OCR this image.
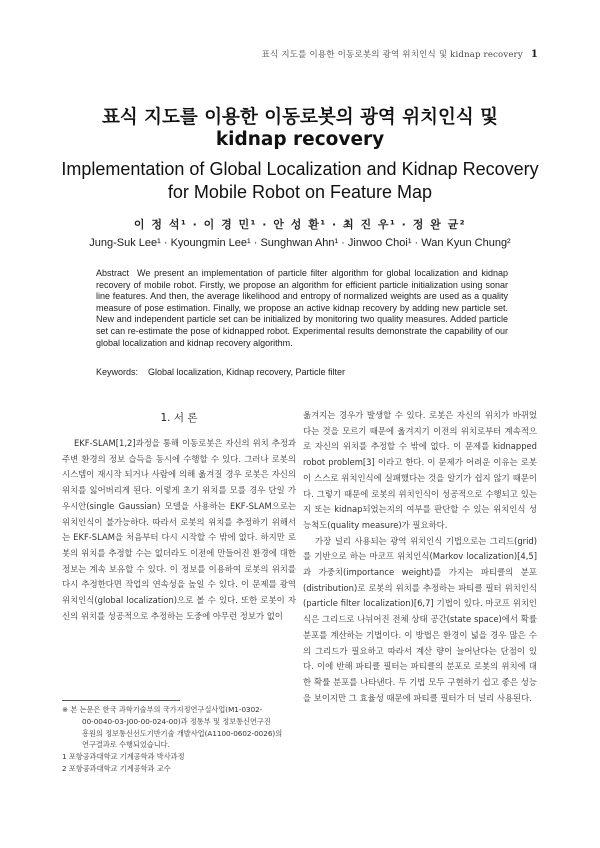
표식 지도를 이용한 이동로봇의 광역 위치인식 및 kidnap recovery 1
표식 지도를 이용한 이동로봇의 광역 위치인식 및
kidnap recovery
Implementation of Global Localization and Kidnap Recovery
for Mobile Robot on Feature Map
이 정 석¹ · 이 경 민¹ · 안 성 환¹ · 최 진 우¹ · 정 완 균²
Jung-Suk Lee¹ · Kyoungmin Lee¹ · Sunghwan Ahn¹ · Jinwoo Choi¹ · Wan Kyun Chung²
Abstract We present an implementation of particle filter algorithm for global localization and kidnap recovery of mobile robot. Firstly, we propose an algorithm for efficient particle initialization using sonar line features. And then, the average likelihood and entropy of normalized weights are used as a quality measure of pose estimation. Finally, we propose an active kidnap recovery by adding new particle set. New and independent particle set can be initialized by monitoring two quality measures. Added particle set can re-estimate the pose of kidnapped robot. Experimental results demonstrate the capability of our global localization and kidnap recovery algorithm.
Keywords: Global localization, Kidnap recovery, Particle filter
1. 서 론

EKF-SLAM[1,2]과정을 통해 이동로봇은 자신의 위치 추정과 주변 환경의 정보 습득을 동시에 수행할 수 있다. 그러나 로봇의 시스템이 재시작 되거나 사람에 의해 옮겨질 경우 로봇은 자신의 위치를 잃어버리게 된다. 이렇게 초기 위치를 모를 경우 단일 가우시안(single Gaussian) 모델을 사용하는 EKF-SLAM으로는 위치인식이 불가능하다. 따라서 로봇의 위치를 추정하기 위해서는 EKF-SLAM을 처음부터 다시 시작할 수 밖에 없다. 하지만 로봇의 위치를 추정할 수는 없더라도 이전에 만들어진 환경에 대한 정보는 계속 보유할 수 있다. 이 정보를 이용하여 로봇의 위치를 다시 추정한다면 작업의 연속성을 높일 수 있다. 이 문제를 광역 위치인식(global localization)으로 볼 수 있다. 또한 로봇이 자신의 위치를 성공적으로 추정하는 도중에 아무런 정보가 없이

옮겨지는 경우가 발생할 수 있다. 로봇은 자신의 위치가 바뀌었다는 것을 모르기 때문에 옮겨지기 이전의 위치로부터 계속적으로 자신의 위치를 추정할 수 밖에 없다. 이 문제를 kidnapped robot problem[3] 이라고 한다. 이 문제가 어려운 이유는 로봇이 스스로 위치인식에 실패했다는 것을 알기가 쉽지 않기 때문이다. 그렇기 때문에 로봇의 위치인식이 성공적으로 수행되고 있는지 또는 kidnap되었는지의 여부를 판단할 수 있는 위치인식 성능척도(quality measure)가 필요하다.

가장 널리 사용되는 광역 위치인식 기법으로는 그리드(grid)를 기반으로 하는 마코프 위치인식(Markov localization)[4,5]과 가중치(importance weight)를 가지는 파티클의 분포(distribution)로 로봇의 위치를 추정하는 파티클 필터 위치인식(particle filter localization)[6,7] 기법이 있다. 마코프 위치인식은 그리드로 나뉘어진 전체 상태 공간(state space)에서 확률 분포를 계산하는 기법이다. 이 방법은 환경이 넓을 경우 많은 수의 그리드가 필요하고 따라서 계산 량이 늘어난다는 단점이 있다. 이에 반해 파티클 필터는 파티클의 분포로 로봇의 위치에 대한 확률 분포를 나타낸다. 두 기법 모두 구현하기 쉽고 좋은 성능을 보이지만 그 효율성 때문에 파티클 필터가 더 널리 사용된다.

※ 본 논문은 한국 과학기술부의 국가지정연구실사업(M1-0302-
00-0040-03-J00-00-024-00)과 정통부 및 정보통신연구진
흥원의 정보통신선도기반기술 개발사업(A1100-0602-0026)의
연구결과로 수행되었습니다.
1 포항공과대학교 기계공학과 박사과정
2 포항공과대학교 기계공학과 교수
